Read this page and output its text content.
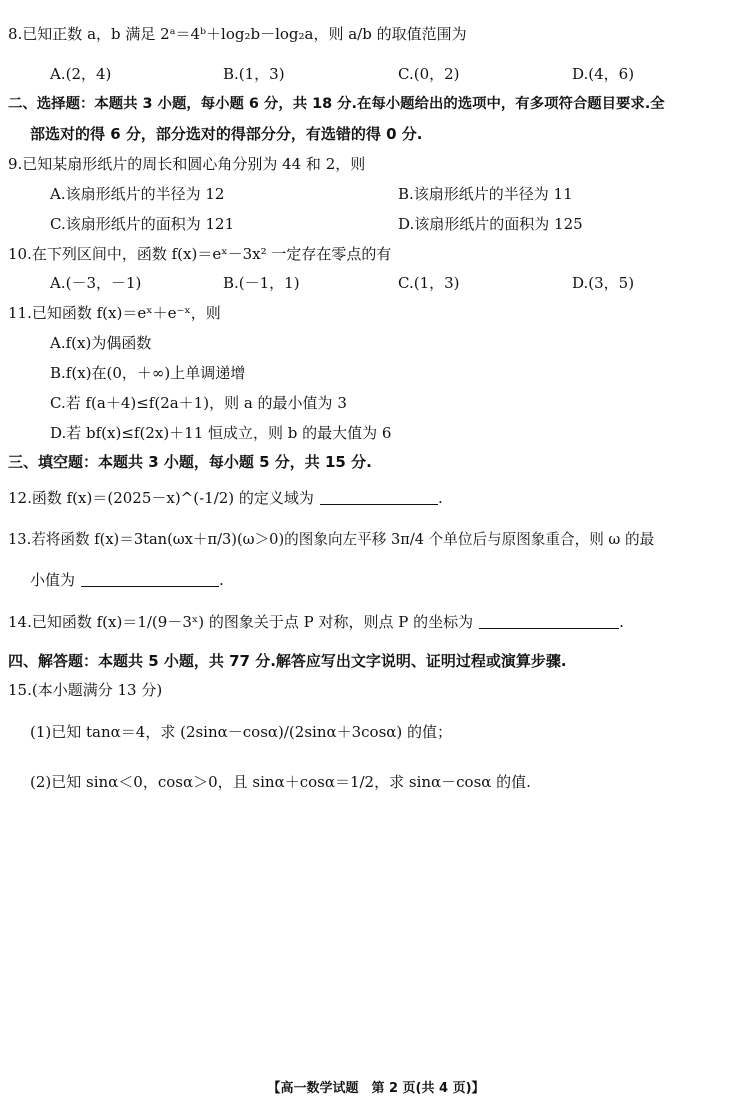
8.已知正数 a，b 满足 2ᵃ＝4ᵇ＋log₂b－log₂a，则 a/b 的取值范围为
A.(2，4)	B.(1，3)	C.(0，2)	D.(4，6)
二、选择题：本题共 3 小题，每小题 6 分，共 18 分.在每小题给出的选项中，有多项符合题目要求.全
部选对的得 6 分，部分选对的得部分分，有选错的得 0 分.
9.已知某扇形纸片的周长和圆心角分别为 44 和 2，则
A.该扇形纸片的半径为 12	B.该扇形纸片的半径为 11
C.该扇形纸片的面积为 121	D.该扇形纸片的面积为 125
10.在下列区间中，函数 f(x)＝eˣ－3x² 一定存在零点的有
A.(－3，－1)	B.(－1，1)	C.(1，3)	D.(3，5)
11.已知函数 f(x)＝eˣ＋e⁻ˣ，则
A.f(x)为偶函数
B.f(x)在(0，＋∞)上单调递增
C.若 f(a＋4)≤f(2a＋1)，则 a 的最小值为 3
D.若 bf(x)≤f(2x)＋11 恒成立，则 b 的最大值为 6
三、填空题：本题共 3 小题，每小题 5 分，共 15 分.
12.函数 f(x)＝(2025－x)^(-1/2) 的定义域为	.
13.若将函数 f(x)＝3tan(ωx＋π/3)(ω＞0)的图象向左平移 3π/4 个单位后与原图象重合，则 ω 的最
小值为	.
14.已知函数 f(x)＝1/(9－3ˣ) 的图象关于点 P 对称，则点 P 的坐标为	.
四、解答题：本题共 5 小题，共 77 分.解答应写出文字说明、证明过程或演算步骤.
15.(本小题满分 13 分)
(1)已知 tanα＝4，求 (2sinα－cosα)/(2sinα＋3cosα) 的值；
(2)已知 sinα＜0，cosα＞0，且 sinα＋cosα＝1/2，求 sinα－cosα 的值.
【高一数学试题　第 2 页(共 4 页)】
